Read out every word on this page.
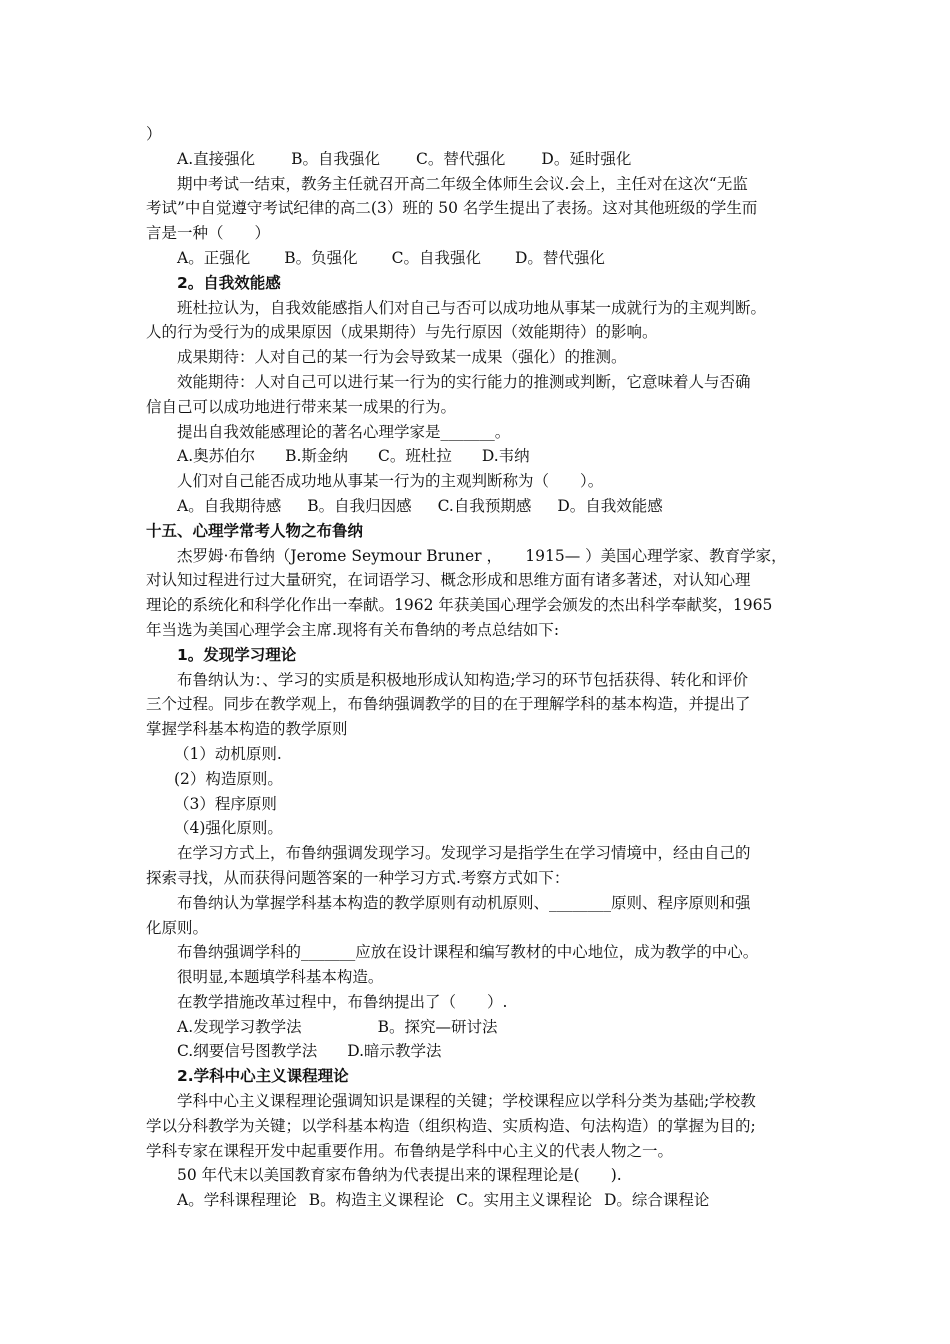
）
A.直接强化 B。自我强化 C。替代强化 D。延时强化
期中考试一结束，教务主任就召开高二年级全体师生会议.会上，主任对在这次“无监
考试”中自觉遵守考试纪律的高二(3）班的 50 名学生提出了表扬。这对其他班级的学生而
言是一种（　　）
A。正强化 B。负强化 C。自我强化 D。替代强化
2。自我效能感
班杜拉认为，自我效能感指人们对自己与否可以成功地从事某一成就行为的主观判断。
人的行为受行为的成果原因（成果期待）与先行原因（效能期待）的影响。
成果期待：人对自己的某一行为会导致某一成果（强化）的推测。
效能期待：人对自己可以进行某一行为的实行能力的推测或判断，它意味着人与否确
信自己可以成功地进行带来某一成果的行为。
提出自我效能感理论的著名心理学家是_______。
A.奥苏伯尔 B.斯金纳 C。班杜拉 D.韦纳
人们对自己能否成功地从事某一行为的主观判断称为（　　）。
A。自我期待感 B。自我归因感 C.自我预期感 D。自我效能感
十五、心理学常考人物之布鲁纳
杰罗姆·布鲁纳（Jerome Seymour Bruner ，　　1915— ）美国心理学家、教育学家，
对认知过程进行过大量研究，在词语学习、概念形成和思维方面有诸多著述，对认知心理
理论的系统化和科学化作出一奉献。1962 年获美国心理学会颁发的杰出科学奉献奖，1965
年当选为美国心理学会主席.现将有关布鲁纳的考点总结如下:
1。发现学习理论
布鲁纳认为：、学习的实质是积极地形成认知构造;学习的环节包括获得、转化和评价
三个过程。同步在教学观上，布鲁纳强调教学的目的在于理解学科的基本构造，并提出了
掌握学科基本构造的教学原则
（1）动机原则.
(2）构造原则。
（3）程序原则
（4)强化原则。
在学习方式上，布鲁纳强调发现学习。发现学习是指学生在学习情境中，经由自己的
探索寻找，从而获得问题答案的一种学习方式.考察方式如下：
布鲁纳认为掌握学科基本构造的教学原则有动机原则、________原则、程序原则和强
化原则。
布鲁纳强调学科的_______应放在设计课程和编写教材的中心地位，成为教学的中心。
很明显,本题填学科基本构造。
在教学措施改革过程中，布鲁纳提出了（　　）.
A.发现学习教学法	B。探究—研讨法
C.纲要信号图教学法 D.暗示教学法
2.学科中心主义课程理论
学科中心主义课程理论强调知识是课程的关键；学校课程应以学科分类为基础;学校教
学以分科教学为关键；以学科基本构造（组织构造、实质构造、句法构造）的掌握为目的;
学科专家在课程开发中起重要作用。布鲁纳是学科中心主义的代表人物之一。
50 年代末以美国教育家布鲁纳为代表提出来的课程理论是(　　).
A。学科课程理论 B。构造主义课程论 C。实用主义课程论 D。综合课程论
